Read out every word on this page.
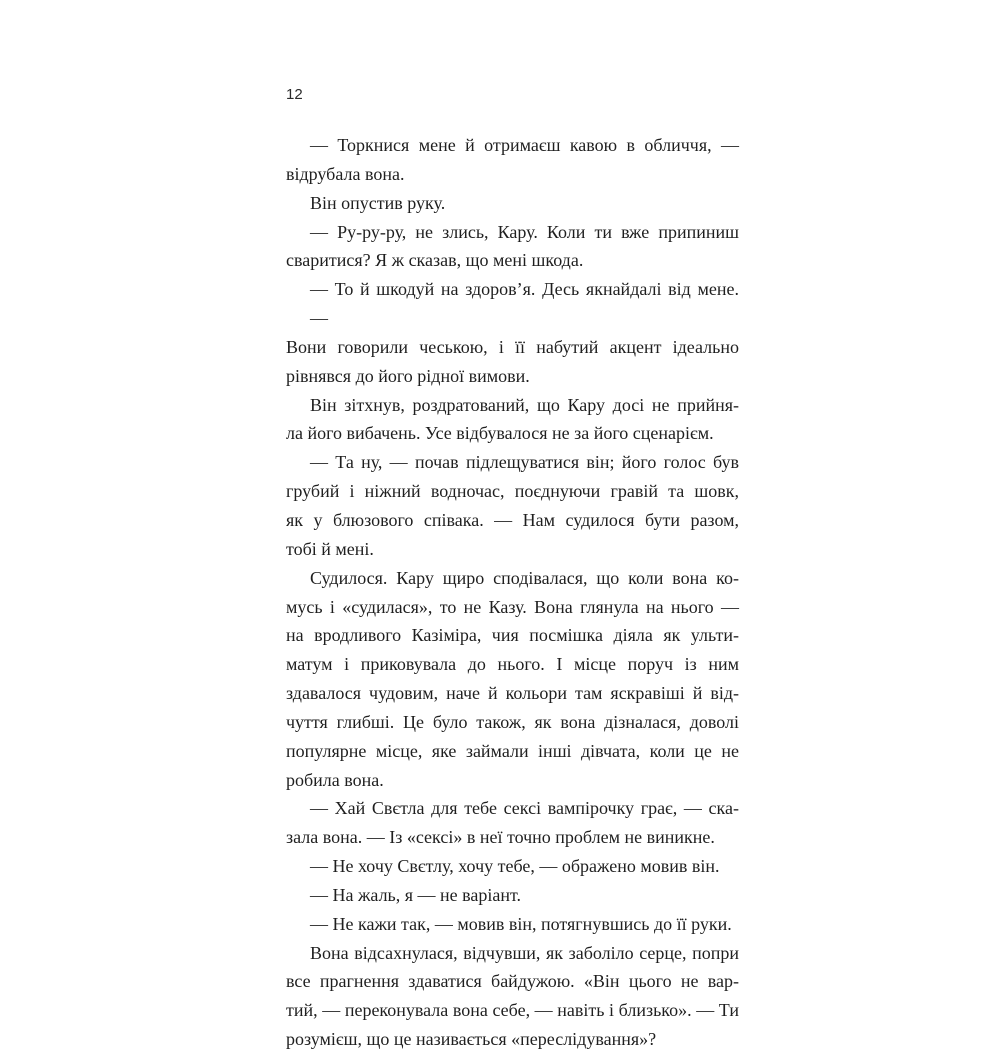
12

— Торкнися мене й отримаєш кавою в обличчя, —
відрубала вона.

Він опустив руку.

— Ру-ру-ру, не злись, Кару. Коли ти вже припиниш
сваритися? Я ж сказав, що мені шкода.

— То й шкодуй на здоров’я. Десь якнайдалі від мене. —
Вони говорили чеською, і її набутий акцент ідеально
рівнявся до його рідної вимови.

Він зітхнув, роздратований, що Кару досі не прийня-
ла його вибачень. Усе відбувалося не за його сценарієм.

— Та ну, — почав підлещуватися він; його голос був
грубий і ніжний водночас, поєднуючи гравій та шовк,
як у блюзового співака. — Нам судилося бути разом,
тобі й мені.

Судилося. Кару щиро сподівалася, що коли вона ко-
мусь і «судилася», то не Казу. Вона глянула на нього —
на вродливого Казіміра, чия посмішка діяла як ульти-
матум і приковувала до нього. І місце поруч із ним
здавалося чудовим, наче й кольори там яскравіші й від-
чуття глибші. Це було також, як вона дізналася, доволі
популярне місце, яке займали інші дівчата, коли це не
робила вона.

— Хай Свєтла для тебе сексі вампірочку грає, — ска-
зала вона. — Із «сексі» в неї точно проблем не виникне.

— Не хочу Свєтлу, хочу тебе, — ображено мовив він.

— На жаль, я — не варіант.

— Не кажи так, — мовив він, потягнувшись до її руки.

Вона відсахнулася, відчувши, як заболіло серце, попри
все прагнення здаватися байдужою. «Він цього не вар-
тий, — переконувала вона себе, — навіть і близько». — Ти
розумієш, що це називається «переслідування»?
